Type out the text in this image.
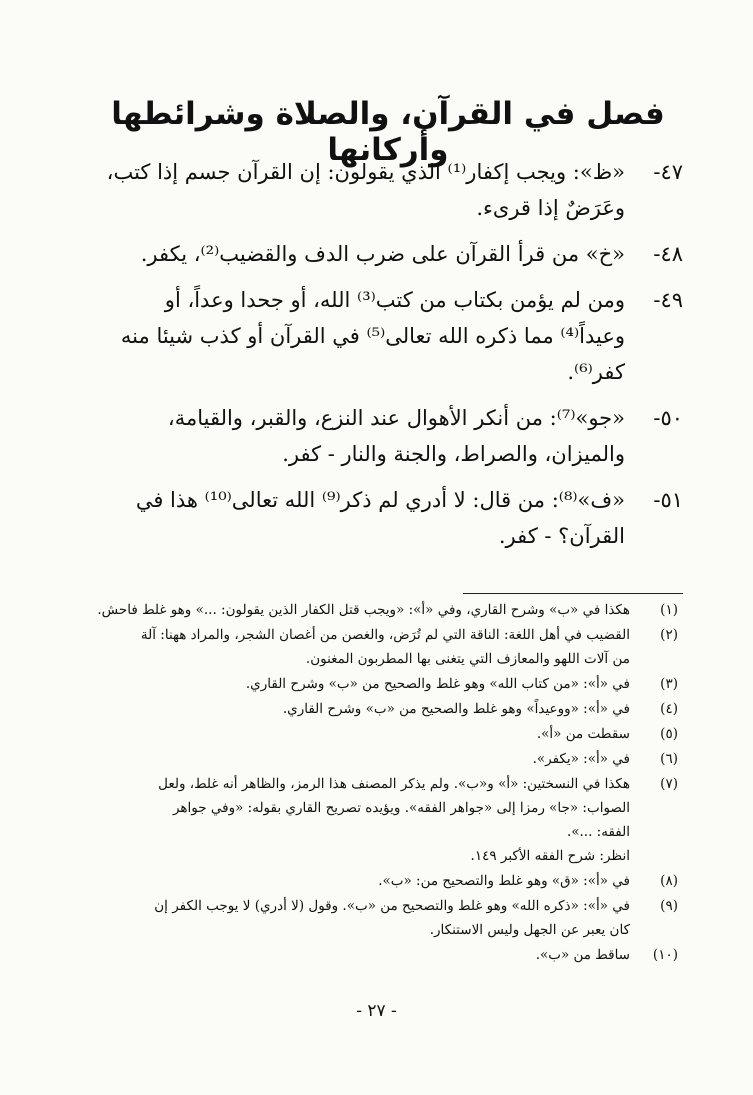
فصل في القرآن، والصلاة وشرائطها وأركانها
٤٧-
«ظ»: ويجب إكفار⁽¹⁾ الذي يقولون: إن القرآن جسم إذا كتب،
وعَرَضٌ إذا قرىء.
٤٨-
«خ» من قرأ القرآن على ضرب الدف والقضيب⁽²⁾، يكفر.
٤٩-
ومن لم يؤمن بكتاب من كتب⁽³⁾ الله، أو جحدا وعداً، أو
وعيداً⁽⁴⁾ مما ذكره الله تعالى⁽⁵⁾ في القرآن أو كذب شيئا منه
كفر⁽⁶⁾.
٥٠-
«جو»⁽⁷⁾: من أنكر الأهوال عند النزع، والقبر، والقيامة،
والميزان، والصراط، والجنة والنار - كفر.
٥١-
«ف»⁽⁸⁾: من قال: لا أدري لم ذكر⁽⁹⁾ الله تعالى⁽¹⁰⁾ هذا في
القرآن؟ - كفر.
(١)
هكذا في «ب» وشرح القاري، وفي «أ»: «ويجب قتل الكفار الذين يقولون: ...» وهو غلط فاحش.
(٢)
القضيب في أهل اللغة: الناقة التي لم تُرَض، والغصن من أغصان الشجر، والمراد ههنا: آلة
من آلات اللهو والمعازف التي يتغنى بها المطربون المغنون.
(٣)
في «أ»: «من كتاب الله» وهو غلط والصحيح من «ب» وشرح القاري.
(٤)
في «أ»: «ووعيداً» وهو غلط والصحيح من «ب» وشرح القاري.
(٥)
سقطت من «أ».
(٦)
في «أ»: «يكفر».
(٧)
هكذا في النسختين: «أ» و«ب». ولم يذكر المصنف هذا الرمز، والظاهر أنه غلط، ولعل
الصواب: «جا» رمزا إلى «جواهر الفقه». ويؤيده تصريح القاري بقوله: «وفي جواهر
الفقه: ...».
انظر: شرح الفقه الأكبر ١٤٩.
(٨)
في «أ»: «ق» وهو غلط والتصحيح من: «ب».
(٩)
في «أ»: «ذكره الله» وهو غلط والتصحيح من «ب». وقول (لا أدري) لا يوجب الكفر إن
كان يعبر عن الجهل وليس الاستنكار.
(١٠)
ساقط من «ب».
- ٢٧ -
